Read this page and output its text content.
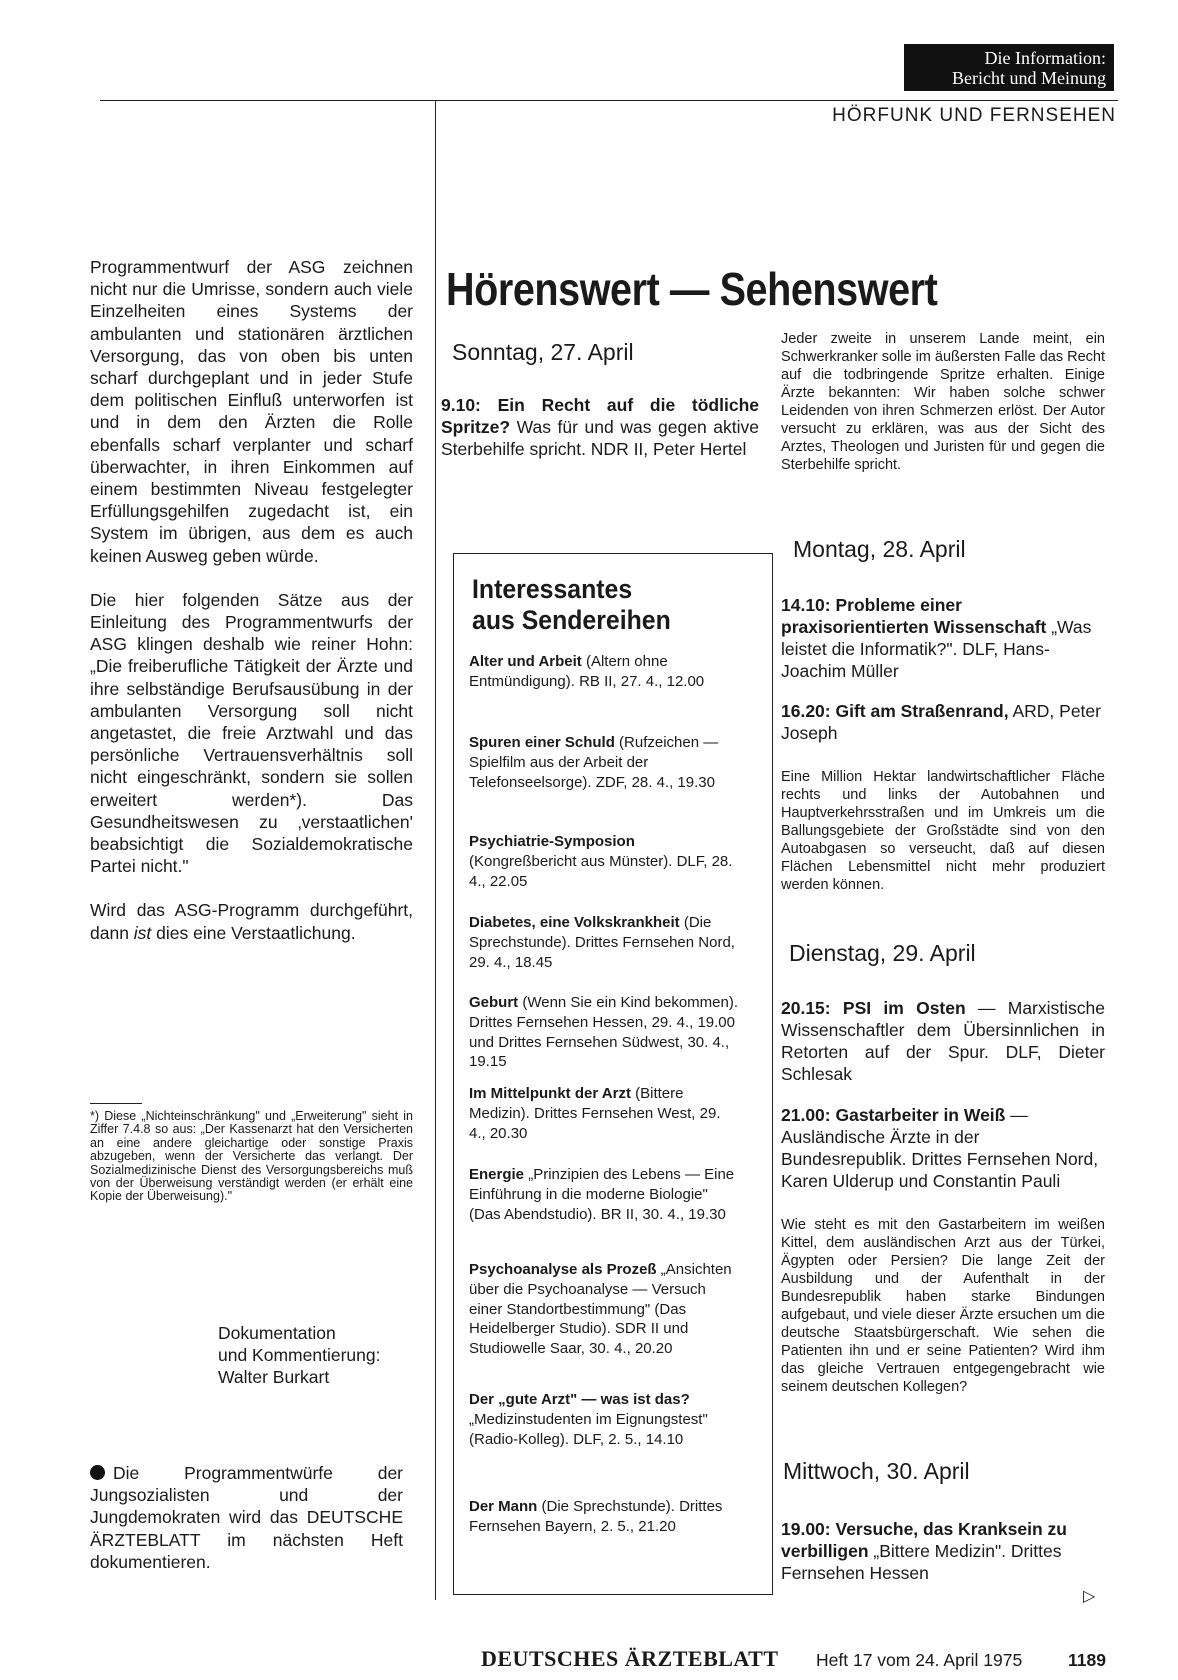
Die Information:
Bericht und Meinung
HÖRFUNK UND FERNSEHEN

Programmentwurf der ASG zeichnen nicht nur die Umrisse, sondern auch viele Einzelheiten eines Systems der ambulanten und stationären ärztlichen Versorgung, das von oben bis unten scharf durchgeplant und in jeder Stufe dem politischen Einfluß unterworfen ist und in dem den Ärzten die Rolle ebenfalls scharf verplanter und scharf überwachter, in ihren Einkommen auf einem bestimmten Niveau festgelegter Erfüllungsgehilfen zugedacht ist, ein System im übrigen, aus dem es auch keinen Ausweg geben würde.

Die hier folgenden Sätze aus der Einleitung des Programmentwurfs der ASG klingen deshalb wie reiner Hohn: „Die freiberufliche Tätigkeit der Ärzte und ihre selbständige Berufsausübung in der ambulanten Versorgung soll nicht angetastet, die freie Arztwahl und das persönliche Vertrauensverhältnis soll nicht eingeschränkt, sondern sie sollen erweitert werden*). Das Gesundheitswesen zu ‚verstaatlichen' beabsichtigt die Sozialdemokratische Partei nicht."

Wird das ASG-Programm durchgeführt, dann ist dies eine Verstaatlichung.

*) Diese „Nichteinschränkung" und „Erweiterung" sieht in Ziffer 7.4.8 so aus: „Der Kassenarzt hat den Versicherten an eine andere gleichartige oder sonstige Praxis abzugeben, wenn der Versicherte das verlangt. Der Sozialmedizinische Dienst des Versorgungsbereichs muß von der Überweisung verständigt werden (er erhält eine Kopie der Überweisung)."
Dokumentation
und Kommentierung:
Walter Burkart
Die Programmentwürfe der Jungsozialisten und der Jungdemokraten wird das DEUTSCHE ÄRZTEBLATT im nächsten Heft dokumentieren.
Hörenswert — Sehenswert
Sonntag, 27. April
9.10: Ein Recht auf die tödliche Spritze? Was für und was gegen aktive Sterbehilfe spricht. NDR II, Peter Hertel
Interessantes
aus Sendereihen
Alter und Arbeit (Altern ohne Entmündigung). RB II, 27. 4., 12.00
Spuren einer Schuld (Rufzeichen — Spielfilm aus der Arbeit der Telefonseelsorge). ZDF, 28. 4., 19.30
Psychiatrie-Symposion (Kongreßbericht aus Münster). DLF, 28. 4., 22.05
Diabetes, eine Volkskrankheit (Die Sprechstunde). Drittes Fernsehen Nord, 29. 4., 18.45
Geburt (Wenn Sie ein Kind bekommen). Drittes Fernsehen Hessen, 29. 4., 19.00 und Drittes Fernsehen Südwest, 30. 4., 19.15
Im Mittelpunkt der Arzt (Bittere Medizin). Drittes Fernsehen West, 29. 4., 20.30
Energie „Prinzipien des Lebens — Eine Einführung in die moderne Biologie" (Das Abendstudio). BR II, 30. 4., 19.30
Psychoanalyse als Prozeß „Ansichten über die Psychoanalyse — Versuch einer Standortbestimmung" (Das Heidelberger Studio). SDR II und Studiowelle Saar, 30. 4., 20.20
Der „gute Arzt" — was ist das? „Medizinstudenten im Eignungstest" (Radio-Kolleg). DLF, 2. 5., 14.10
Der Mann (Die Sprechstunde). Drittes Fernsehen Bayern, 2. 5., 21.20
Jeder zweite in unserem Lande meint, ein Schwerkranker solle im äußersten Falle das Recht auf die todbringende Spritze erhalten. Einige Ärzte bekannten: Wir haben solche schwer Leidenden von ihren Schmerzen erlöst. Der Autor versucht zu erklären, was aus der Sicht des Arztes, Theologen und Juristen für und gegen die Sterbehilfe spricht.
Montag, 28. April
14.10: Probleme einer praxisorientierten Wissenschaft „Was leistet die Informatik?". DLF, Hans-Joachim Müller
16.20: Gift am Straßenrand, ARD, Peter Joseph
Eine Million Hektar landwirtschaftlicher Fläche rechts und links der Autobahnen und Hauptverkehrsstraßen und im Umkreis um die Ballungsgebiete der Großstädte sind von den Autoabgasen so verseucht, daß auf diesen Flächen Lebensmittel nicht mehr produziert werden können.
Dienstag, 29. April
20.15: PSI im Osten — Marxistische Wissenschaftler dem Übersinnlichen in Retorten auf der Spur. DLF, Dieter Schlesak
21.00: Gastarbeiter in Weiß — Ausländische Ärzte in der Bundesrepublik. Drittes Fernsehen Nord, Karen Ulderup und Constantin Pauli
Wie steht es mit den Gastarbeitern im weißen Kittel, dem ausländischen Arzt aus der Türkei, Ägypten oder Persien? Die lange Zeit der Ausbildung und der Aufenthalt in der Bundesrepublik haben starke Bindungen aufgebaut, und viele dieser Ärzte ersuchen um die deutsche Staatsbürgerschaft. Wie sehen die Patienten ihn und er seine Patienten? Wird ihm das gleiche Vertrauen entgegengebracht wie seinem deutschen Kollegen?
Mittwoch, 30. April
19.00: Versuche, das Kranksein zu verbilligen „Bittere Medizin". Drittes Fernsehen Hessen
▷
DEUTSCHES ÄRZTEBLATT Heft 17 vom 24. April 1975	1189
